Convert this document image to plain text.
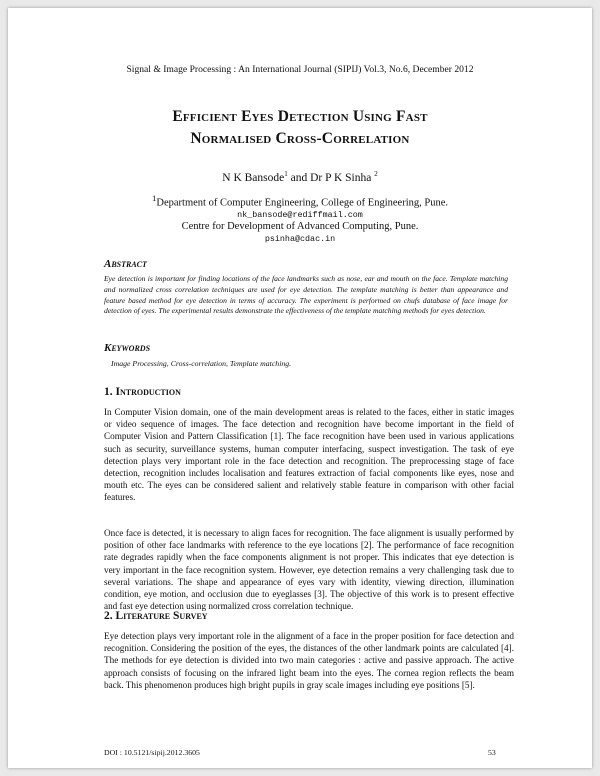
Signal & Image Processing : An International Journal (SIPIJ) Vol.3, No.6, December 2012
Efficient Eyes Detection Using Fast
Normalised Cross-Correlation
N K Bansode$^1$ and Dr P K Sinha $^2$
$^1$Department of Computer Engineering, College of Engineering, Pune.
nk_bansode@rediffmail.com
Centre for Development of Advanced Computing, Pune.
psinha@cdac.in
Abstract
Eye detection is important for finding locations of the face landmarks such as nose, ear and mouth on the face. Template matching and normalized cross correlation techniques are used for eye detection. The template matching is better than appearance and feature based method for eye detection in terms of accuracy. The experiment is performed on chufs database of face image for detection of eyes. The experimental results demonstrate the effectiveness of the template matching methods for eyes detection.
Keywords
Image Processing, Cross-correlation, Template matching.
1. Introduction
In Computer Vision domain, one of the main development areas is related to the faces, either in static images or video sequence of images. The face detection and recognition have become important in the field of Computer Vision and Pattern Classification [1]. The face recognition have been used in various applications such as security, surveillance systems, human computer interfacing, suspect investigation. The task of eye detection plays very important role in the face detection and recognition. The preprocessing stage of face detection, recognition includes localisation and features extraction of facial components like eyes, nose and mouth etc. The eyes can be considered salient and relatively stable feature in comparison with other facial features.
Once face is detected, it is necessary to align faces for recognition. The face alignment is usually performed by position of other face landmarks with reference to the eye locations [2]. The performance of face recognition rate degrades rapidly when the face components alignment is not proper. This indicates that eye detection is very important in the face recognition system. However, eye detection remains a very challenging task due to several variations. The shape and appearance of eyes vary with identity, viewing direction, illumination condition, eye motion, and occlusion due to eyeglasses [3]. The objective of this work is to present effective and fast eye detection using normalized cross correlation technique.
2. Literature Survey
Eye detection plays very important role in the alignment of a face in the proper position for face detection and recognition. Considering the position of the eyes, the distances of the other landmark points are calculated [4]. The methods for eye detection is divided into two main categories : active and passive approach. The active approach consists of focusing on the infrared light beam into the eyes. The cornea region reflects the beam back. This phenomenon produces high bright pupils in gray scale images including eye positions [5].
DOI : 10.5121/sipij.2012.3605	53
